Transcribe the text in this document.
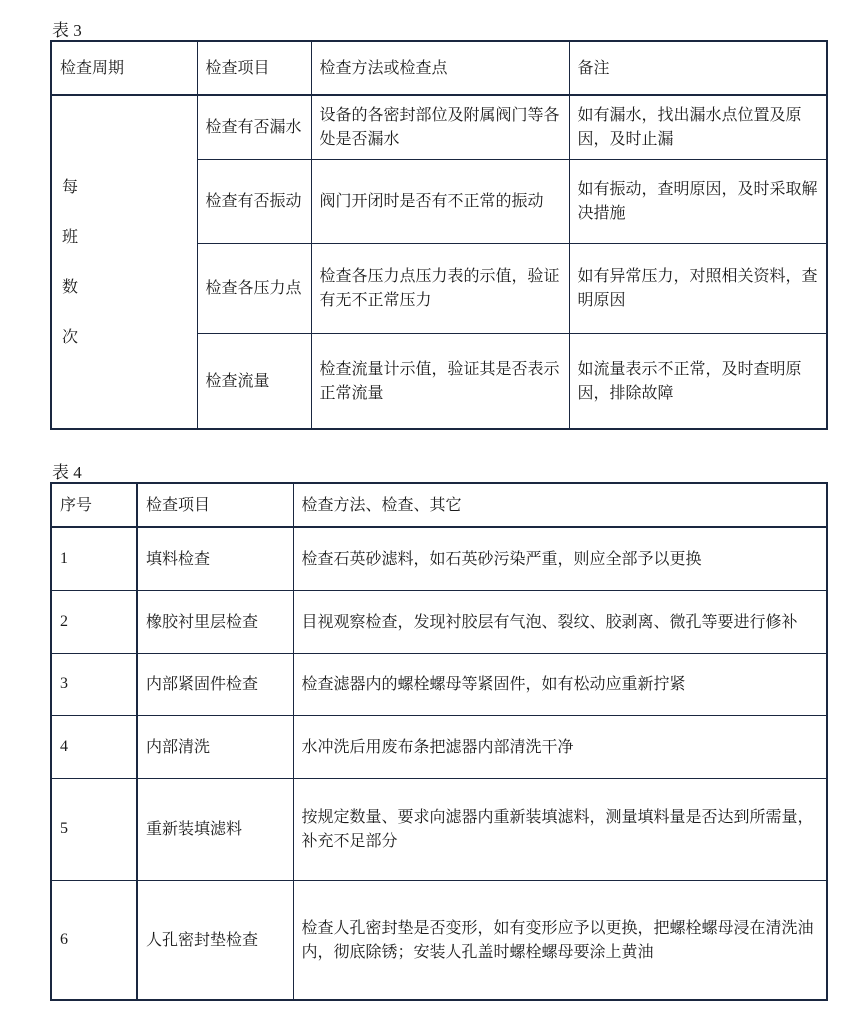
表 3
检查周期	检查项目	检查方法或检查点	备注

每
班
数
次	检查有否漏水	设备的各密封部位及附属阀门等各处是否漏水	如有漏水，找出漏水点位置及原因，及时止漏
	检查有否振动	阀门开闭时是否有不正常的振动	如有振动，查明原因，及时采取解决措施
	检查各压力点	检查各压力点压力表的示值，验证有无不正常压力	如有异常压力，对照相关资料，查明原因
	检查流量	检查流量计示值，验证其是否表示正常流量	如流量表示不正常，及时查明原因，排除故障
表 4
序号	检查项目	检查方法、检查、其它
1	填料检查	检查石英砂滤料，如石英砂污染严重，则应全部予以更换
2	橡胶衬里层检查	目视观察检查，发现衬胶层有气泡、裂纹、胶剥离、微孔等要进行修补
3	内部紧固件检查	检查滤器内的螺栓螺母等紧固件，如有松动应重新拧紧
4	内部清洗	水冲洗后用废布条把滤器内部清洗干净
5	重新装填滤料	按规定数量、要求向滤器内重新装填滤料，测量填料量是否达到所需量，补充不足部分
6	人孔密封垫检查	检查人孔密封垫是否变形，如有变形应予以更换，把螺栓螺母浸在清洗油内，彻底除锈；安装人孔盖时螺栓螺母要涂上黄油
